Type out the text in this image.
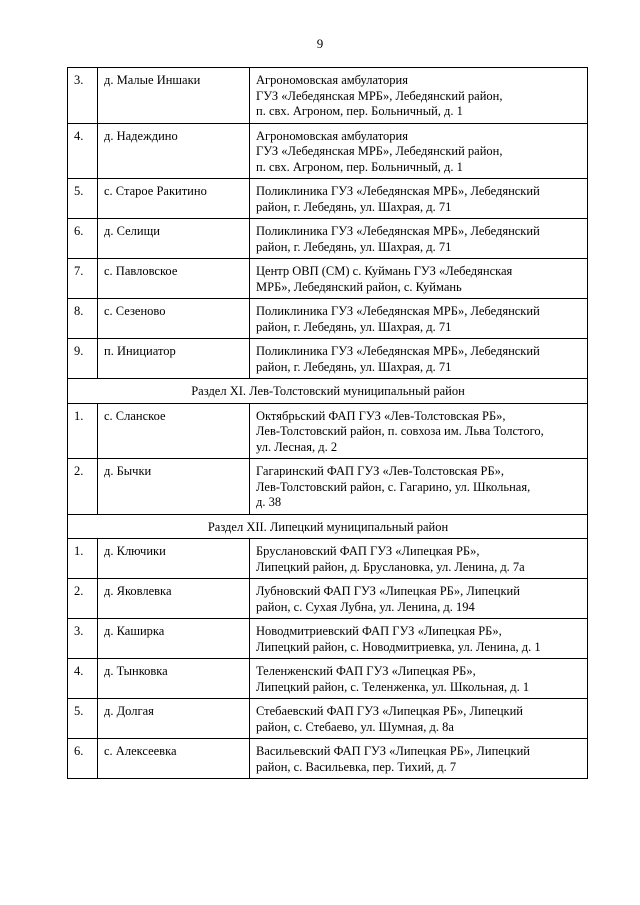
9
3.	д. Малые Иншаки	Агрономовская амбулатория
ГУЗ «Лебедянская МРБ», Лебедянский район,
п. свх. Агроном, пер. Больничный, д. 1

4.	д. Надеждино	Агрономовская амбулатория
ГУЗ «Лебедянская МРБ», Лебедянский район,
п. свх. Агроном, пер. Больничный, д. 1

5.	с. Старое Ракитино	Поликлиника ГУЗ «Лебедянская МРБ», Лебедянский
район, г. Лебедянь, ул. Шахрая, д. 71

6.	д. Селищи	Поликлиника ГУЗ «Лебедянская МРБ», Лебедянский
район, г. Лебедянь, ул. Шахрая, д. 71

7.	с. Павловское	Центр ОВП (СМ) с. Куймань ГУЗ «Лебедянская
МРБ», Лебедянский район, с. Куймань

8.	с. Сезеново	Поликлиника ГУЗ «Лебедянская МРБ», Лебедянский
район, г. Лебедянь, ул. Шахрая, д. 71

9.	п. Инициатор	Поликлиника ГУЗ «Лебедянская МРБ», Лебедянский
район, г. Лебедянь, ул. Шахрая, д. 71

Раздел XI. Лев-Толстовский муниципальный район		
1.	с. Сланское	Октябрьский ФАП ГУЗ «Лев-Толстовская РБ»,
Лев-Толстовский район, п. совхоза им. Льва Толстого,
ул. Лесная, д. 2

2.	д. Бычки	Гагаринский ФАП ГУЗ «Лев-Толстовская РБ»,
Лев-Толстовский район, с. Гагарино, ул. Школьная,
д. 38

Раздел XII. Липецкий муниципальный район		
1.	д. Ключики	Бруслановский ФАП ГУЗ «Липецкая РБ»,
Липецкий район, д. Бруслановка, ул. Ленина, д. 7а

2.	д. Яковлевка	Лубновский ФАП ГУЗ «Липецкая РБ», Липецкий
район, с. Сухая Лубна, ул. Ленина, д. 194

3.	д. Каширка	Новодмитриевский ФАП ГУЗ «Липецкая РБ»,
Липецкий район, с. Новодмитриевка, ул. Ленина, д. 1

4.	д. Тынковка	Теленженский ФАП ГУЗ «Липецкая РБ»,
Липецкий район, с. Теленженка, ул. Школьная, д. 1

5.	д. Долгая	Стебаевский ФАП ГУЗ «Липецкая РБ», Липецкий
район, с. Стебаево, ул. Шумная, д. 8а

6.	с. Алексеевка	Васильевский ФАП ГУЗ «Липецкая РБ», Липецкий
район, с. Васильевка, пер. Тихий, д. 7
